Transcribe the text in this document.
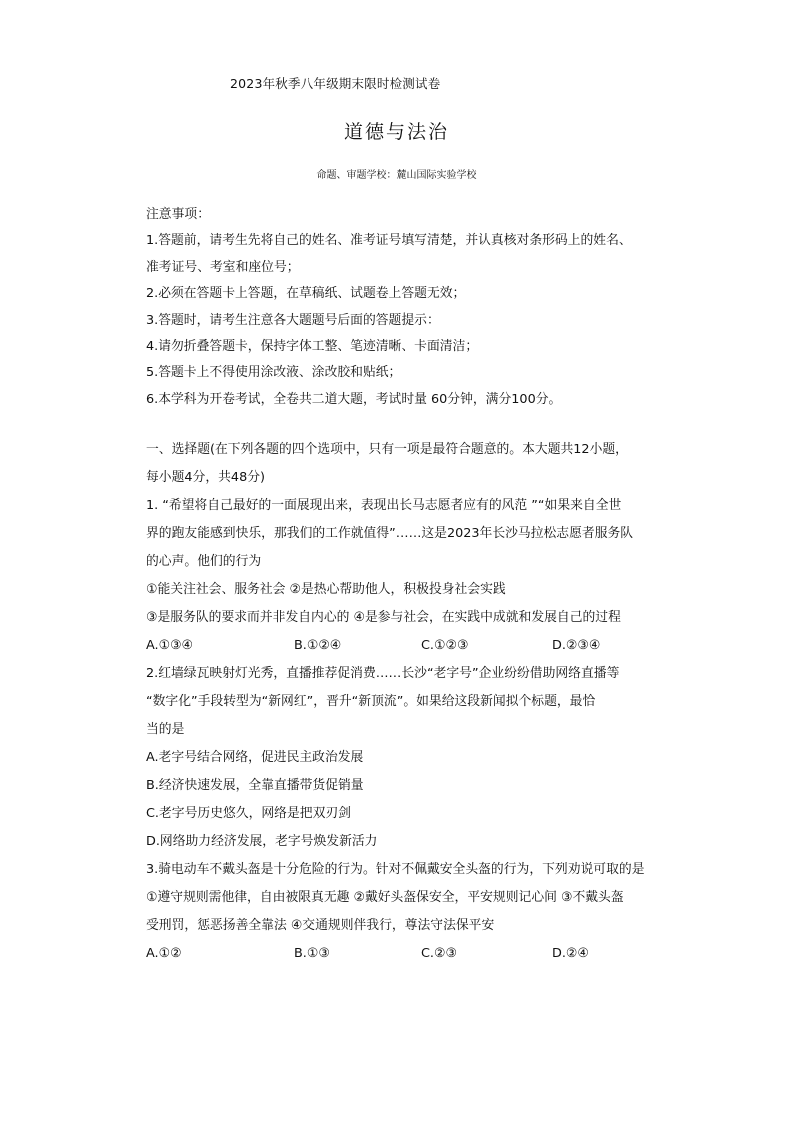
2023年秋季八年级期末限时检测试卷
道德与法治
命题、审题学校：麓山国际实验学校
注意事项：
1.答题前，请考生先将自己的姓名、准考证号填写清楚，并认真核对条形码上的姓名、
准考证号、考室和座位号；
2.必须在答题卡上答题，在草稿纸、试题卷上答题无效；
3.答题时，请考生注意各大题题号后面的答题提示：
4.请勿折叠答题卡，保持字体工整、笔迹清晰、卡面清洁；
5.答题卡上不得使用涂改液、涂改胶和贴纸；
6.本学科为开卷考试，全卷共二道大题，考试时量 60分钟，满分100分。
一、选择题(在下列各题的四个选项中，只有一项是最符合题意的。本大题共12小题，
每小题4分，共48分)
1. “希望将自己最好的一面展现出来，表现出长马志愿者应有的风范 ”“如果来自全世
界的跑友能感到快乐，那我们的工作就值得”……这是2023年长沙马拉松志愿者服务队
的心声。他们的行为
①能关注社会、服务社会 ②是热心帮助他人，积极投身社会实践
③是服务队的要求而并非发自内心的 ④是参与社会，在实践中成就和发展自己的过程
A.①③④	B.①②④	C.①②③	D.②③④
2.红墙绿瓦映射灯光秀，直播推荐促消费……长沙“老字号”企业纷纷借助网络直播等
“数字化”手段转型为“新网红”，晋升“新顶流”。如果给这段新闻拟个标题，最恰
当的是
A.老字号结合网络，促进民主政治发展
B.经济快速发展，全靠直播带货促销量
C.老字号历史悠久，网络是把双刃剑
D.网络助力经济发展，老字号焕发新活力
3.骑电动车不戴头盔是十分危险的行为。针对不佩戴安全头盔的行为，下列劝说可取的是
①遵守规则需他律，自由被限真无趣 ②戴好头盔保安全，平安规则记心间 ③不戴头盔
受刑罚，惩恶扬善全靠法 ④交通规则伴我行，尊法守法保平安
A.①②	B.①③	C.②③	D.②④
